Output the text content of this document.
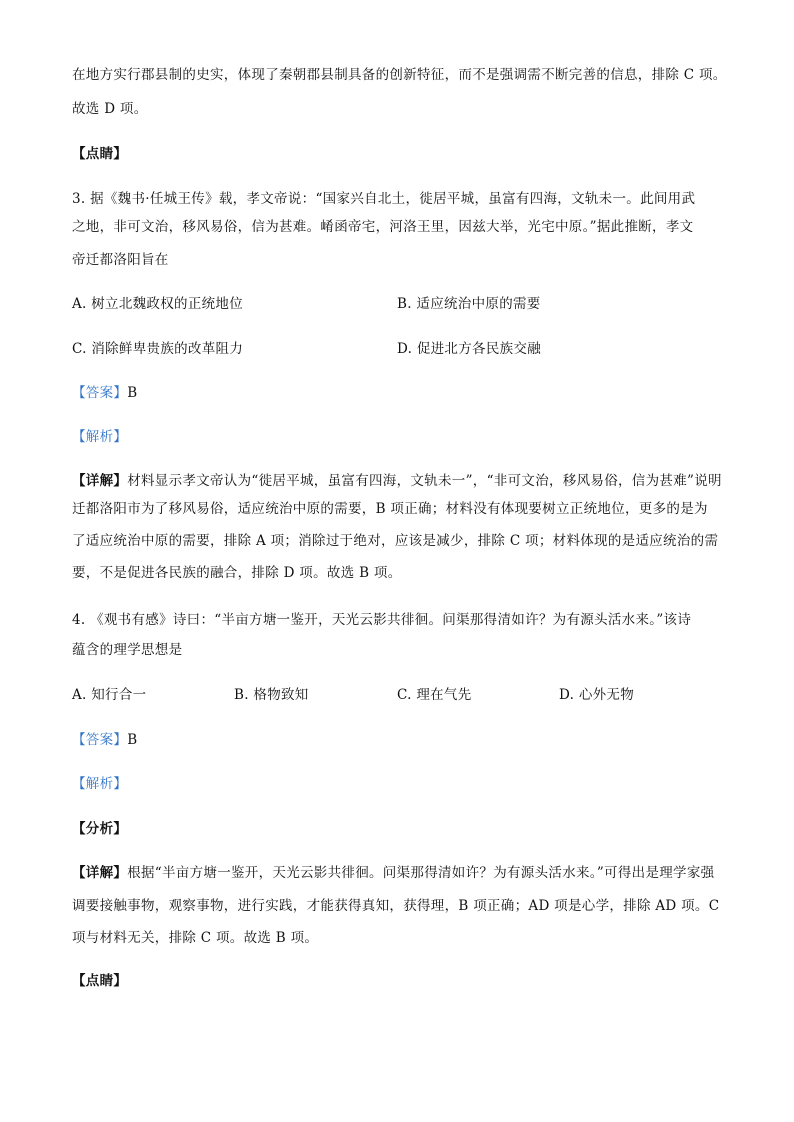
在地方实行郡县制的史实，体现了秦朝郡县制具备的创新特征，而不是强调需不断完善的信息，排除 C 项。
故选 D 项。
【点睛】
3. 据《魏书·任城王传》载，孝文帝说：“国家兴自北土，徙居平城，虽富有四海，文轨未一。此间用武
之地，非可文治，移风易俗，信为甚难。崤函帝宅，河洛王里，因兹大举，光宅中原。”据此推断，孝文
帝迁都洛阳旨在
A. 树立北魏政权的正统地位	B. 适应统治中原的需要
C. 消除鲜卑贵族的改革阻力	D. 促进北方各民族交融
【答案】B
【解析】
【详解】材料显示孝文帝认为“徙居平城，虽富有四海，文轨未一”，“非可文治，移风易俗，信为甚难”说明
迁都洛阳市为了移风易俗，适应统治中原的需要，B 项正确；材料没有体现要树立正统地位，更多的是为
了适应统治中原的需要，排除 A 项；消除过于绝对，应该是减少，排除 C 项；材料体现的是适应统治的需
要，不是促进各民族的融合，排除 D 项。故选 B 项。
4. 《观书有感》诗曰：“半亩方塘一鉴开，天光云影共徘徊。问渠那得清如许？为有源头活水来。”该诗
蕴含的理学思想是
A. 知行合一	B. 格物致知	C. 理在气先	D. 心外无物
【答案】B
【解析】
【分析】
【详解】根据“半亩方塘一鉴开，天光云影共徘徊。问渠那得清如许？为有源头活水来。”可得出是理学家强
调要接触事物，观察事物，进行实践，才能获得真知，获得理，B 项正确；AD 项是心学，排除 AD 项。C
项与材料无关，排除 C 项。故选 B 项。
【点睛】
